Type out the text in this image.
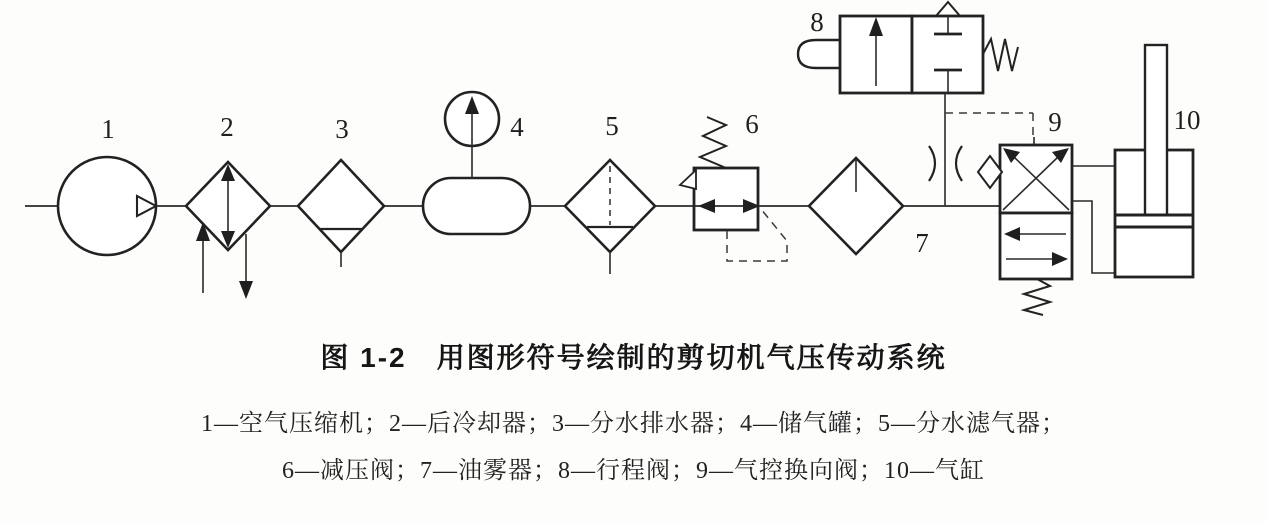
1	2	3	4	5	6
7
8
9	10
图 1-2　用图形符号绘制的剪切机气压传动系统
1—空气压缩机；2—后冷却器；3—分水排水器；4—储气罐；5—分水滤气器；
6—减压阀；7—油雾器；8—行程阀；9—气控换向阀；10—气缸
